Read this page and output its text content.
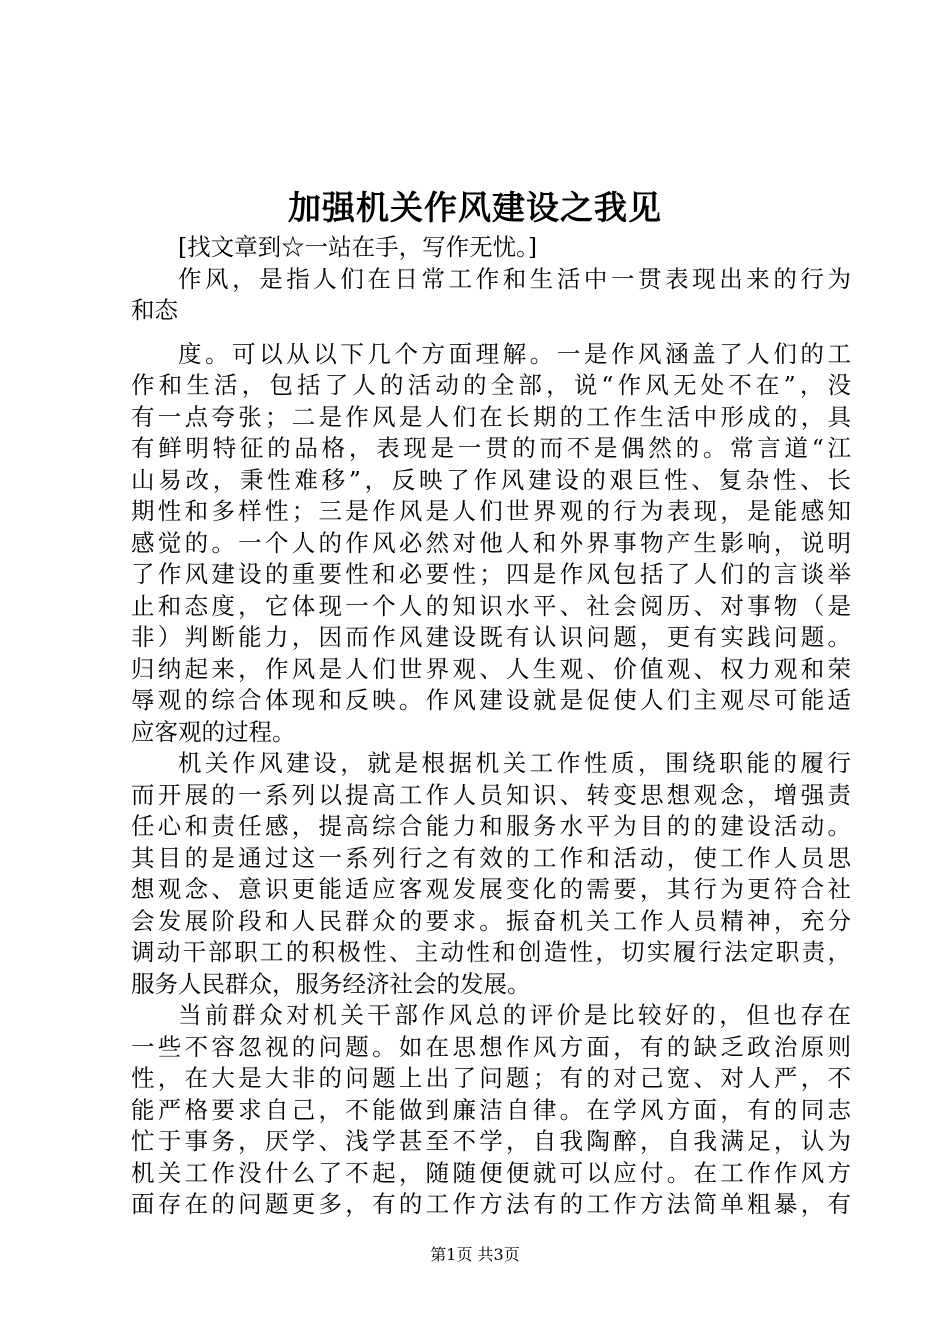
加强机关作风建设之我见
[找文章到☆一站在手，写作无忧。]
作风，是指人们在日常工作和生活中一贯表现出来的行为
和态
度。可以从以下几个方面理解。一是作风涵盖了人们的工
作和生活，包括了人的活动的全部，说“作风无处不在”，没
有一点夸张；二是作风是人们在长期的工作生活中形成的，具
有鲜明特征的品格，表现是一贯的而不是偶然的。常言道“江
山易改，秉性难移”，反映了作风建设的艰巨性、复杂性、长
期性和多样性；三是作风是人们世界观的行为表现，是能感知
感觉的。一个人的作风必然对他人和外界事物产生影响，说明
了作风建设的重要性和必要性；四是作风包括了人们的言谈举
止和态度，它体现一个人的知识水平、社会阅历、对事物（是
非）判断能力，因而作风建设既有认识问题，更有实践问题。
归纳起来，作风是人们世界观、人生观、价值观、权力观和荣
辱观的综合体现和反映。作风建设就是促使人们主观尽可能适
应客观的过程。
机关作风建设，就是根据机关工作性质，围绕职能的履行
而开展的一系列以提高工作人员知识、转变思想观念，增强责
任心和责任感，提高综合能力和服务水平为目的的建设活动。
其目的是通过这一系列行之有效的工作和活动，使工作人员思
想观念、意识更能适应客观发展变化的需要，其行为更符合社
会发展阶段和人民群众的要求。振奋机关工作人员精神，充分
调动干部职工的积极性、主动性和创造性，切实履行法定职责，
服务人民群众，服务经济社会的发展。
当前群众对机关干部作风总的评价是比较好的，但也存在
一些不容忽视的问题。如在思想作风方面，有的缺乏政治原则
性，在大是大非的问题上出了问题；有的对己宽、对人严，不
能严格要求自己，不能做到廉洁自律。在学风方面，有的同志
忙于事务，厌学、浅学甚至不学，自我陶醉，自我满足，认为
机关工作没什么了不起，随随便便就可以应付。在工作作风方
面存在的问题更多，有的工作方法有的工作方法简单粗暴，有
第1页 共3页
